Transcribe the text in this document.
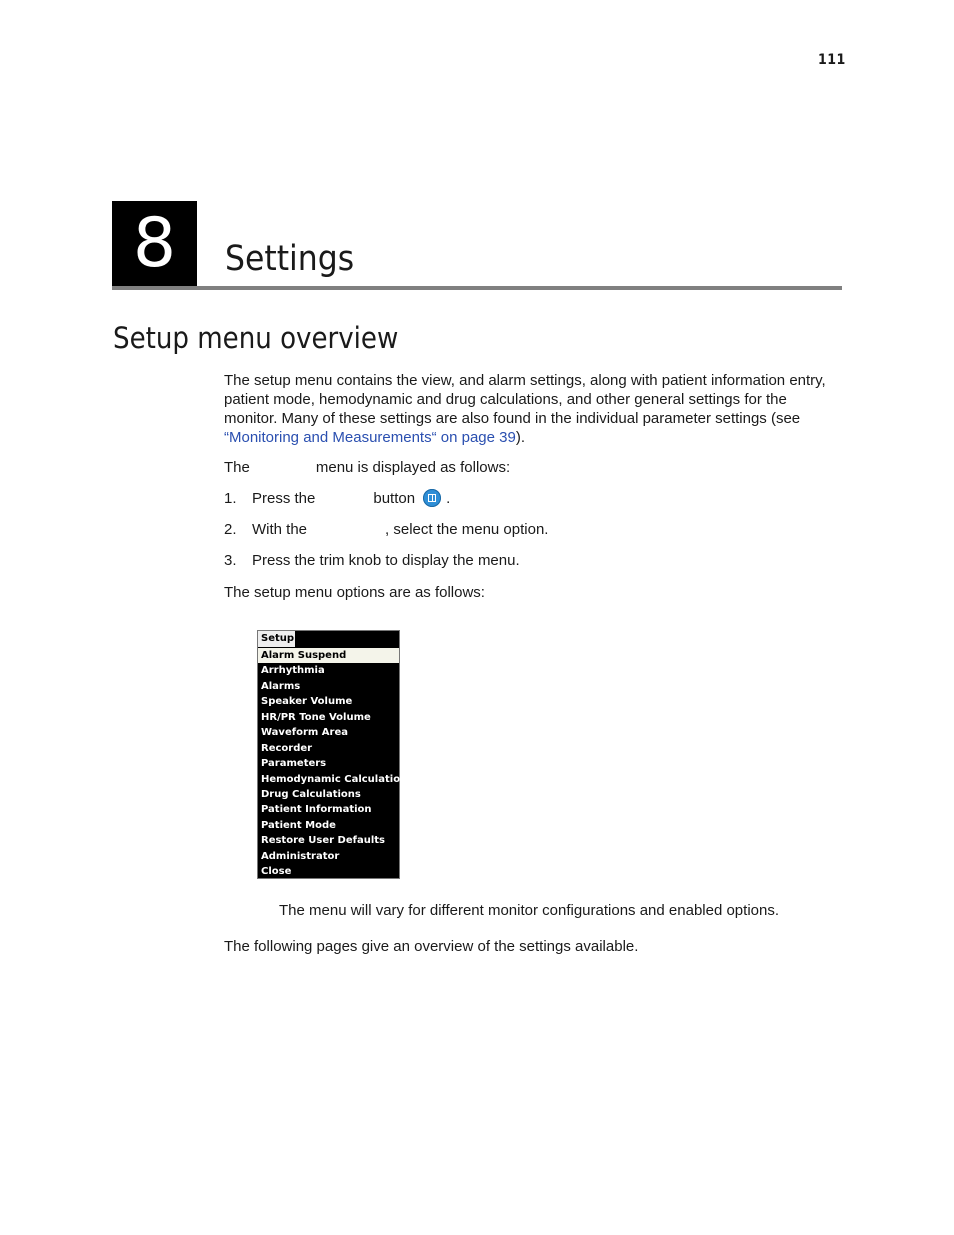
111
8	Settings
Setup menu overview
The setup menu contains the view, and alarm settings, along with patient information entry, patient mode, hemodynamic and drug calculations, and other general settings for the monitor. Many of these settings are also found in the individual parameter settings (see “Monitoring and Measurements“ on page 39).
The	menu is displayed as follows:
1. Press the	button .
2. With the	, select the menu option.
3. Press the trim knob to display the menu.
The setup menu options are as follows:
Setup
Alarm Suspend
Arrhythmia
Alarms
Speaker Volume
HR/PR Tone Volume
Waveform Area
Recorder
Parameters
Hemodynamic Calculations
Drug Calculations
Patient Information
Patient Mode
Restore User Defaults
Administrator
Close
The menu will vary for different monitor configurations and enabled options.
The following pages give an overview of the settings available.
